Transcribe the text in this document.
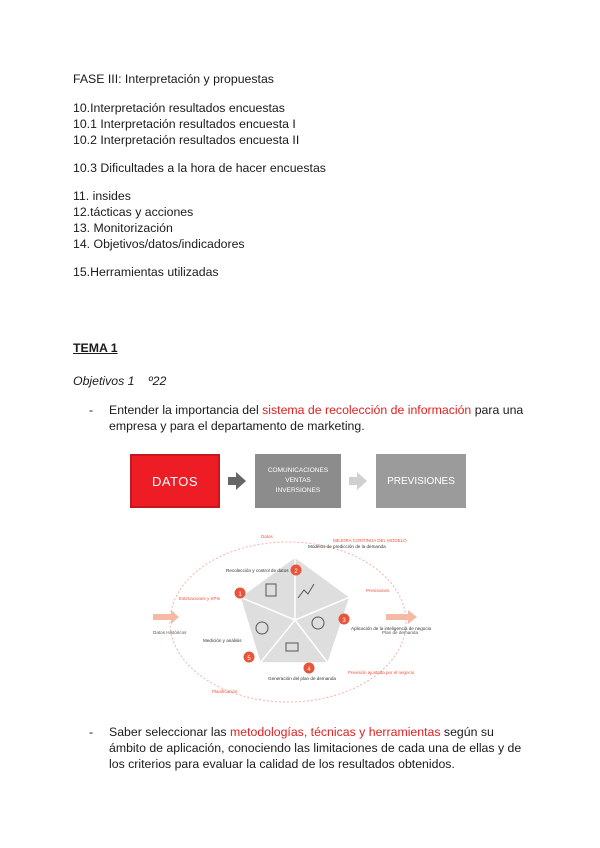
FASE III: Interpretación y propuestas
10.Interpretación resultados encuestas
10.1 Interpretación resultados encuesta I
10.2 Interpretación resultados encuesta II
10.3 Dificultades a la hora de hacer encuestas
11. insides
12.tácticas y acciones
13. Monitorización
14. Objetivos/datos/indicadores
15.Herramientas utilizadas
TEMA 1
Objetivos 1    º22
- Entender la importancia del sistema de recolección de información para una empresa y para el departamento de marketing.
DATOS
COMUNICACIONES
VENTAS
INVERSIONES
PREVISIONES
1
2
3
4
5
Recolección y control de datos
Modelos de predicción de la demanda
Aplicación de la inteligencia de negocio
Generación del plan de demanda
Medición y análisis
Datos
MEJORA CONTINUA DEL MODELO
Previsiones
Previsión ajustada por el negocio
Planificación
Estimaciones y KPIs
Datos Históricos	Plan de demanda
- Saber seleccionar las metodologías, técnicas y herramientas según su ámbito de aplicación, conociendo las limitaciones de cada una de ellas y de los criterios para evaluar la calidad de los resultados obtenidos.
